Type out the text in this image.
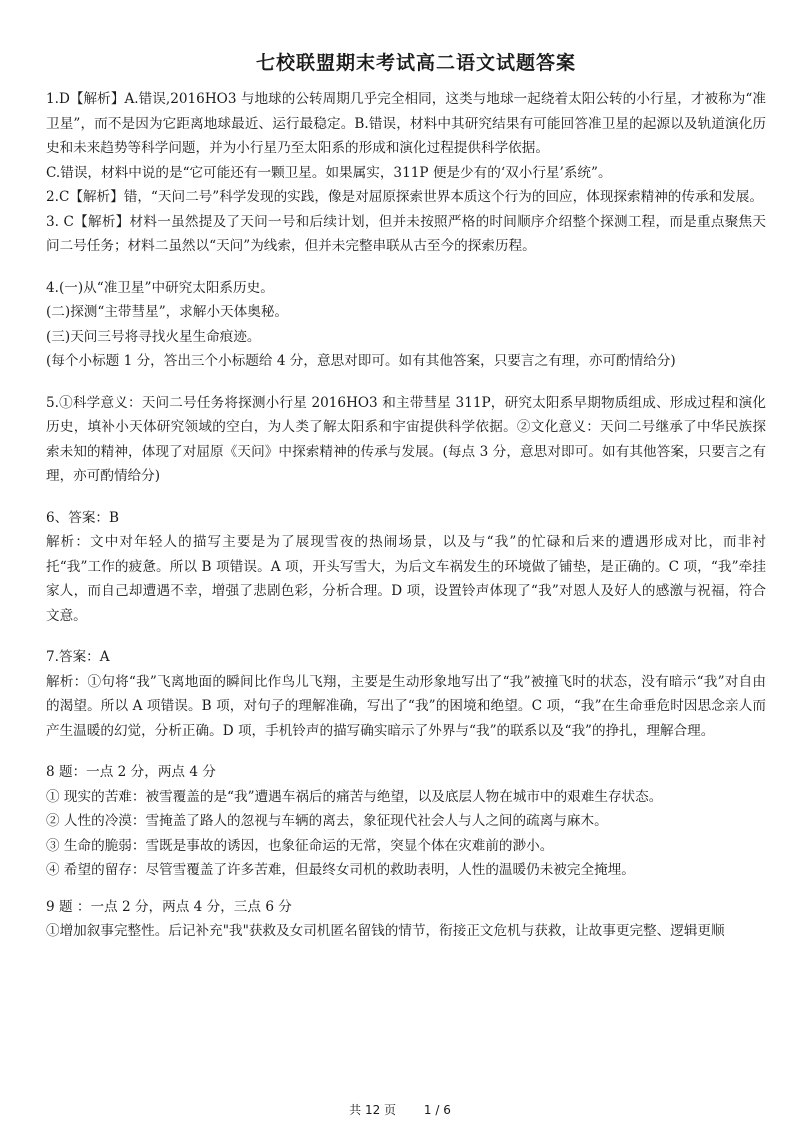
七校联盟期末考试高二语文试题答案

1.D【解析】A.错误,2016HO3 与地球的公转周期几乎完全相同，这类与地球一起绕着太阳公转的小行星，才被称为“准卫星”，而不是因为它距离地球最近、运行最稳定。B.错误，材料中其研究结果有可能回答准卫星的起源以及轨道演化历史和未来趋势等科学问题，并为小行星乃至太阳系的形成和演化过程提供科学依据。

C.错误，材料中说的是“它可能还有一颗卫星。如果属实，311P 便是少有的‘双小行星’系统”。

2.C【解析】错，“天问二号”科学发现的实践，像是对屈原探索世界本质这个行为的回应，体现探索精神的传承和发展。

3. C【解析】材料一虽然提及了天问一号和后续计划，但并未按照严格的时间顺序介绍整个探测工程，而是重点聚焦天问二号任务；材料二虽然以“天问”为线索，但并未完整串联从古至今的探索历程。

4.(一)从“准卫星”中研究太阳系历史。

(二)探测“主带彗星”，求解小天体奥秘。

(三)天问三号将寻找火星生命痕迹。

(每个小标题 1 分，答出三个小标题给 4 分，意思对即可。如有其他答案，只要言之有理，亦可酌情给分)

5.①科学意义：天问二号任务将探测小行星 2016HO3 和主带彗星 311P，研究太阳系早期物质组成、形成过程和演化历史，填补小天体研究领域的空白，为人类了解太阳系和宇宙提供科学依据。②文化意义：天问二号继承了中华民族探索未知的精神，体现了对屈原《天问》中探索精神的传承与发展。(每点 3 分，意思对即可。如有其他答案，只要言之有理，亦可酌情给分)

6、答案：B

解析：文中对年轻人的描写主要是为了展现雪夜的热闹场景，以及与“我”的忙碌和后来的遭遇形成对比，而非衬托“我”工作的疲惫。所以 B 项错误。A 项，开头写雪大，为后文车祸发生的环境做了铺垫，是正确的。C 项，“我”牵挂家人，而自己却遭遇不幸，增强了悲剧色彩，分析合理。D 项，设置铃声体现了“我”对恩人及好人的感激与祝福，符合文意。

7.答案：A

解析：①句将“我”飞离地面的瞬间比作鸟儿飞翔，主要是生动形象地写出了“我”被撞飞时的状态，没有暗示“我”对自由的渴望。所以 A 项错误。B 项，对句子的理解准确，写出了“我”的困境和绝望。C 项，“我”在生命垂危时因思念亲人而产生温暖的幻觉，分析正确。D 项，手机铃声的描写确实暗示了外界与“我”的联系以及“我”的挣扎，理解合理。

8 题：一点 2 分，两点 4 分

① 现实的苦难：被雪覆盖的是“我”遭遇车祸后的痛苦与绝望，以及底层人物在城市中的艰难生存状态。

② 人性的冷漠：雪掩盖了路人的忽视与车辆的离去，象征现代社会人与人之间的疏离与麻木。

③ 生命的脆弱：雪既是事故的诱因，也象征命运的无常，突显个体在灾难前的渺小。

④ 希望的留存：尽管雪覆盖了许多苦难，但最终女司机的救助表明，人性的温暖仍未被完全掩埋。

9 题 ：一点 2 分，两点 4 分，三点 6 分

①增加叙事完整性。后记补充"我"获救及女司机匿名留钱的情节，衔接正文危机与获救，让故事更完整、逻辑更顺

共 12 页 1 / 6
